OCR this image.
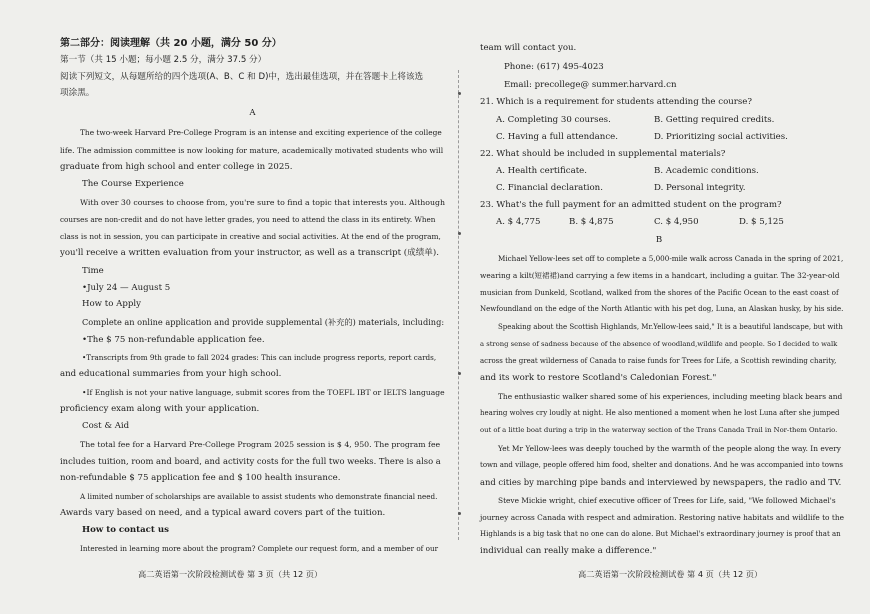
第二部分：阅读理解（共 20 小题，满分 50 分）
第一节（共 15 小题；每小题 2.5 分，满分 37.5 分）
阅读下列短文，从每题所给的四个选项(A、B、C 和 D)中，选出最佳选项，并在答题卡上将该选
项涂黑。
A
The two-week Harvard Pre-College Program is an intense and exciting experience of the college
life. The admission committee is now looking for mature, academically motivated students who will
graduate from high school and enter college in 2025.
The Course Experience
With over 30 courses to choose from, you're sure to find a topic that interests you. Although
courses are non-credit and do not have letter grades, you need to attend the class in its entirety. When
class is not in session, you can participate in creative and social activities. At the end of the program,
you'll receive a written evaluation from your instructor, as well as a transcript (成绩单).
Time
•July 24 — August 5
How to Apply
Complete an online application and provide supplemental (补充的) materials, including:
•The $ 75 non-refundable application fee.
•Transcripts from 9th grade to fall 2024 grades: This can include progress reports, report cards,
and educational summaries from your high school.
•If English is not your native language, submit scores from the TOEFL IBT or IELTS language
proficiency exam along with your application.
Cost & Aid
The total fee for a Harvard Pre-College Program 2025 session is $ 4, 950. The program fee
includes tuition, room and board, and activity costs for the full two weeks. There is also a
non-refundable $ 75 application fee and $ 100 health insurance.
A limited number of scholarships are available to assist students who demonstrate financial need.
Awards vary based on need, and a typical award covers part of the tuition.
How to contact us
Interested in learning more about the program? Complete our request form, and a member of our
高二英语第一次阶段检测试卷 第 3 页（共 12 页）
team will contact you.
Phone: (617) 495-4023
Email: precollege@ summer.harvard.cn
21. Which is a requirement for students attending the course?
A. Completing 30 courses.	B. Getting required credits.
C. Having a full attendance.	D. Prioritizing social activities.
22. What should be included in supplemental materials?
A. Health certificate.	B. Academic conditions.
C. Financial declaration.	D. Personal integrity.
23. What's the full payment for an admitted student on the program?
A. $ 4,775	B. $ 4,875	C. $ 4,950	D. $ 5,125
B
Michael Yellow-lees set off to complete a 5,000-mile walk across Canada in the spring of 2021,
wearing a kilt(短裙裙)and carrying a few items in a handcart, including a guitar. The 32-year-old
musician from Dunkeld, Scotland, walked from the shores of the Pacific Ocean to the east coast of
Newfoundland on the edge of the North Atlantic with his pet dog, Luna, an Alaskan husky, by his side.
Speaking about the Scottish Highlands, Mr.Yellow-lees said," It is a beautiful landscape, but with
a strong sense of sadness because of the absence of woodland,wildlife and people. So I decided to walk
across the great wilderness of Canada to raise funds for Trees for Life, a Scottish rewinding charity,
and its work to restore Scotland's Caledonian Forest."
The enthusiastic walker shared some of his experiences, including meeting black bears and
hearing wolves cry loudly at night. He also mentioned a moment when he lost Luna after she jumped
out of a little boat during a trip in the waterway section of the Trans Canada Trail in Nor-them Ontario.
Yet Mr Yellow-lees was deeply touched by the warmth of the people along the way. In every
town and village, people offered him food, shelter and donations. And he was accompanied into towns
and cities by marching pipe bands and interviewed by newspapers, the radio and TV.
Steve Mickie wright, chief executive officer of Trees for Life, said, "We followed Michael's
journey across Canada with respect and admiration. Restoring native habitats and wildlife to the
Highlands is a big task that no one can do alone. But Michael's extraordinary journey is proof that an
individual can really make a difference."
高二英语第一次阶段检测试卷 第 4 页（共 12 页）
